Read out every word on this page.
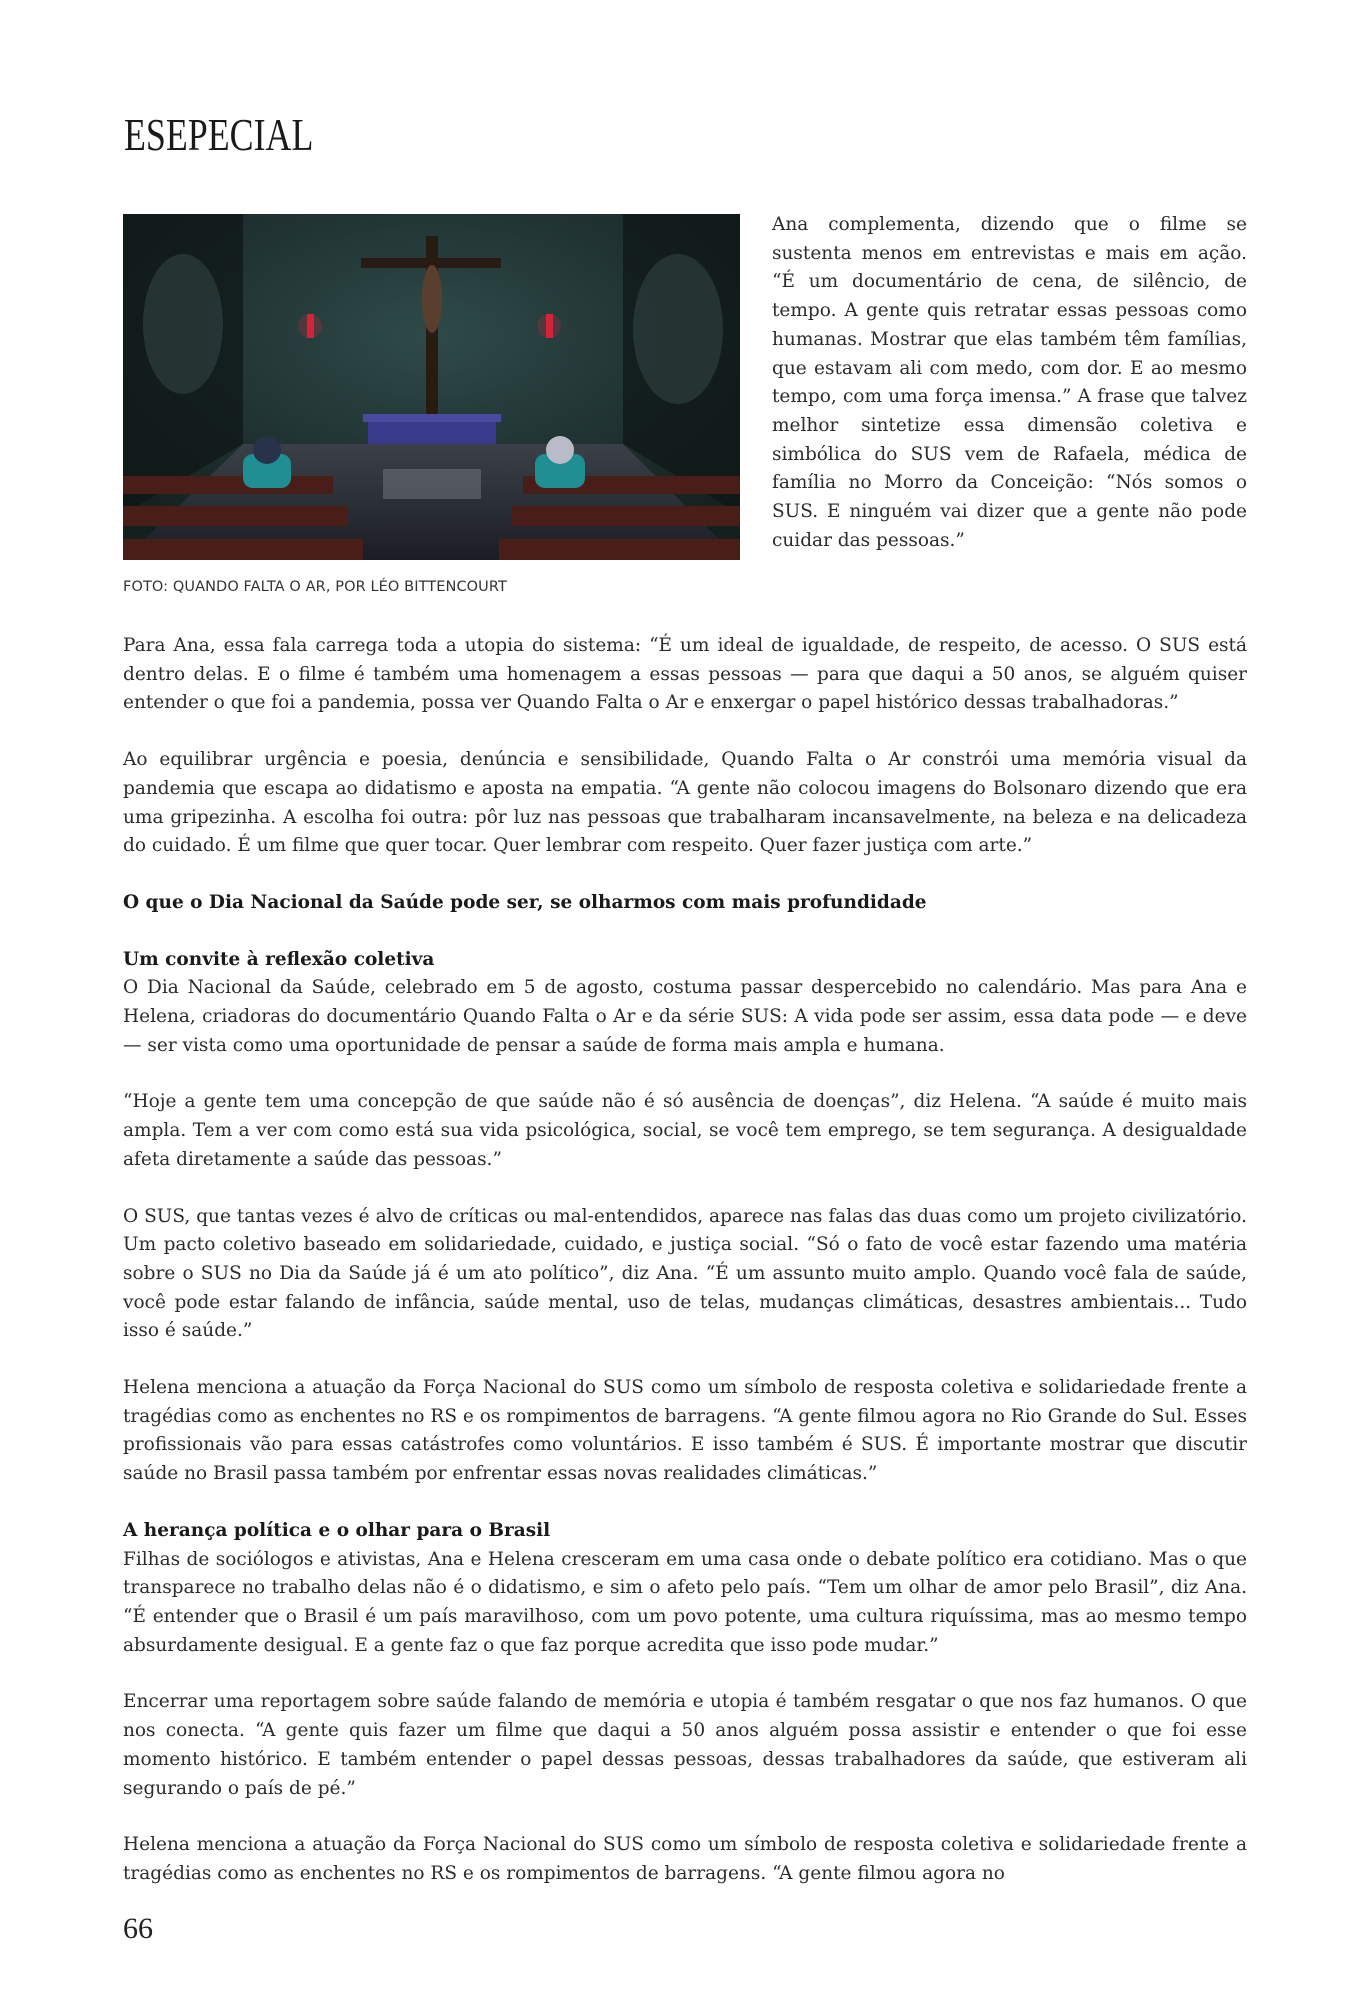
ESEPECIAL
FOTO: QUANDO FALTA O AR, POR LÉO BITTENCOURT

Ana complementa, dizendo que o filme se sustenta menos em entrevistas e mais em ação. “É um documentário de cena, de silêncio, de tempo. A gente quis retratar essas pessoas como humanas. Mostrar que elas também têm famílias, que estavam ali com medo, com dor. E ao mesmo tempo, com uma força imensa.” A frase que talvez melhor sintetize essa dimensão coletiva e simbólica do SUS vem de Rafaela, médica de família no Morro da Conceição: “Nós somos o SUS. E ninguém vai dizer que a gente não pode cuidar das pessoas.”

Para Ana, essa fala carrega toda a utopia do sistema: “É um ideal de igualdade, de respeito, de acesso. O SUS está dentro delas. E o filme é também uma homenagem a essas pessoas — para que daqui a 50 anos, se alguém quiser entender o que foi a pandemia, possa ver Quando Falta o Ar e enxergar o papel histórico dessas trabalhadoras.”

Ao equilibrar urgência e poesia, denúncia e sensibilidade, Quando Falta o Ar constrói uma memória visual da pandemia que escapa ao didatismo e aposta na empatia. “A gente não colocou imagens do Bolsonaro dizendo que era uma gripezinha. A escolha foi outra: pôr luz nas pessoas que trabalharam incansavelmente, na beleza e na delicadeza do cuidado. É um filme que quer tocar. Quer lembrar com respeito. Quer fazer justiça com arte.”

O que o Dia Nacional da Saúde pode ser, se olharmos com mais profundidade
Um convite à reflexão coletiva

O Dia Nacional da Saúde, celebrado em 5 de agosto, costuma passar despercebido no calendário. Mas para Ana e Helena, criadoras do documentário Quando Falta o Ar e da série SUS: A vida pode ser assim, essa data pode — e deve — ser vista como uma oportunidade de pensar a saúde de forma mais ampla e humana.

“Hoje a gente tem uma concepção de que saúde não é só ausência de doenças”, diz Helena. “A saúde é muito mais ampla. Tem a ver com como está sua vida psicológica, social, se você tem emprego, se tem segurança. A desigualdade afeta diretamente a saúde das pessoas.”

O SUS, que tantas vezes é alvo de críticas ou mal-entendidos, aparece nas falas das duas como um projeto civilizatório. Um pacto coletivo baseado em solidariedade, cuidado, e justiça social. “Só o fato de você estar fazendo uma matéria sobre o SUS no Dia da Saúde já é um ato político”, diz Ana. “É um assunto muito amplo. Quando você fala de saúde, você pode estar falando de infância, saúde mental, uso de telas, mudanças climáticas, desastres ambientais... Tudo isso é saúde.”

Helena menciona a atuação da Força Nacional do SUS como um símbolo de resposta coletiva e solidariedade frente a tragédias como as enchentes no RS e os rompimentos de barragens. “A gente filmou agora no Rio Grande do Sul. Esses profissionais vão para essas catástrofes como voluntários. E isso também é SUS. É importante mostrar que discutir saúde no Brasil passa também por enfrentar essas novas realidades climáticas.”

A herança política e o olhar para o Brasil

Filhas de sociólogos e ativistas, Ana e Helena cresceram em uma casa onde o debate político era cotidiano. Mas o que transparece no trabalho delas não é o didatismo, e sim o afeto pelo país. “Tem um olhar de amor pelo Brasil”, diz Ana. “É entender que o Brasil é um país maravilhoso, com um povo potente, uma cultura riquíssima, mas ao mesmo tempo absurdamente desigual. E a gente faz o que faz porque acredita que isso pode mudar.”

Encerrar uma reportagem sobre saúde falando de memória e utopia é também resgatar o que nos faz humanos. O que nos conecta. “A gente quis fazer um filme que daqui a 50 anos alguém possa assistir e entender o que foi esse momento histórico. E também entender o papel dessas pessoas, dessas trabalhadores da saúde, que estiveram ali segurando o país de pé.”

Helena menciona a atuação da Força Nacional do SUS como um símbolo de resposta coletiva e solidariedade frente a tragédias como as enchentes no RS e os rompimentos de barragens. “A gente filmou agora no

66
